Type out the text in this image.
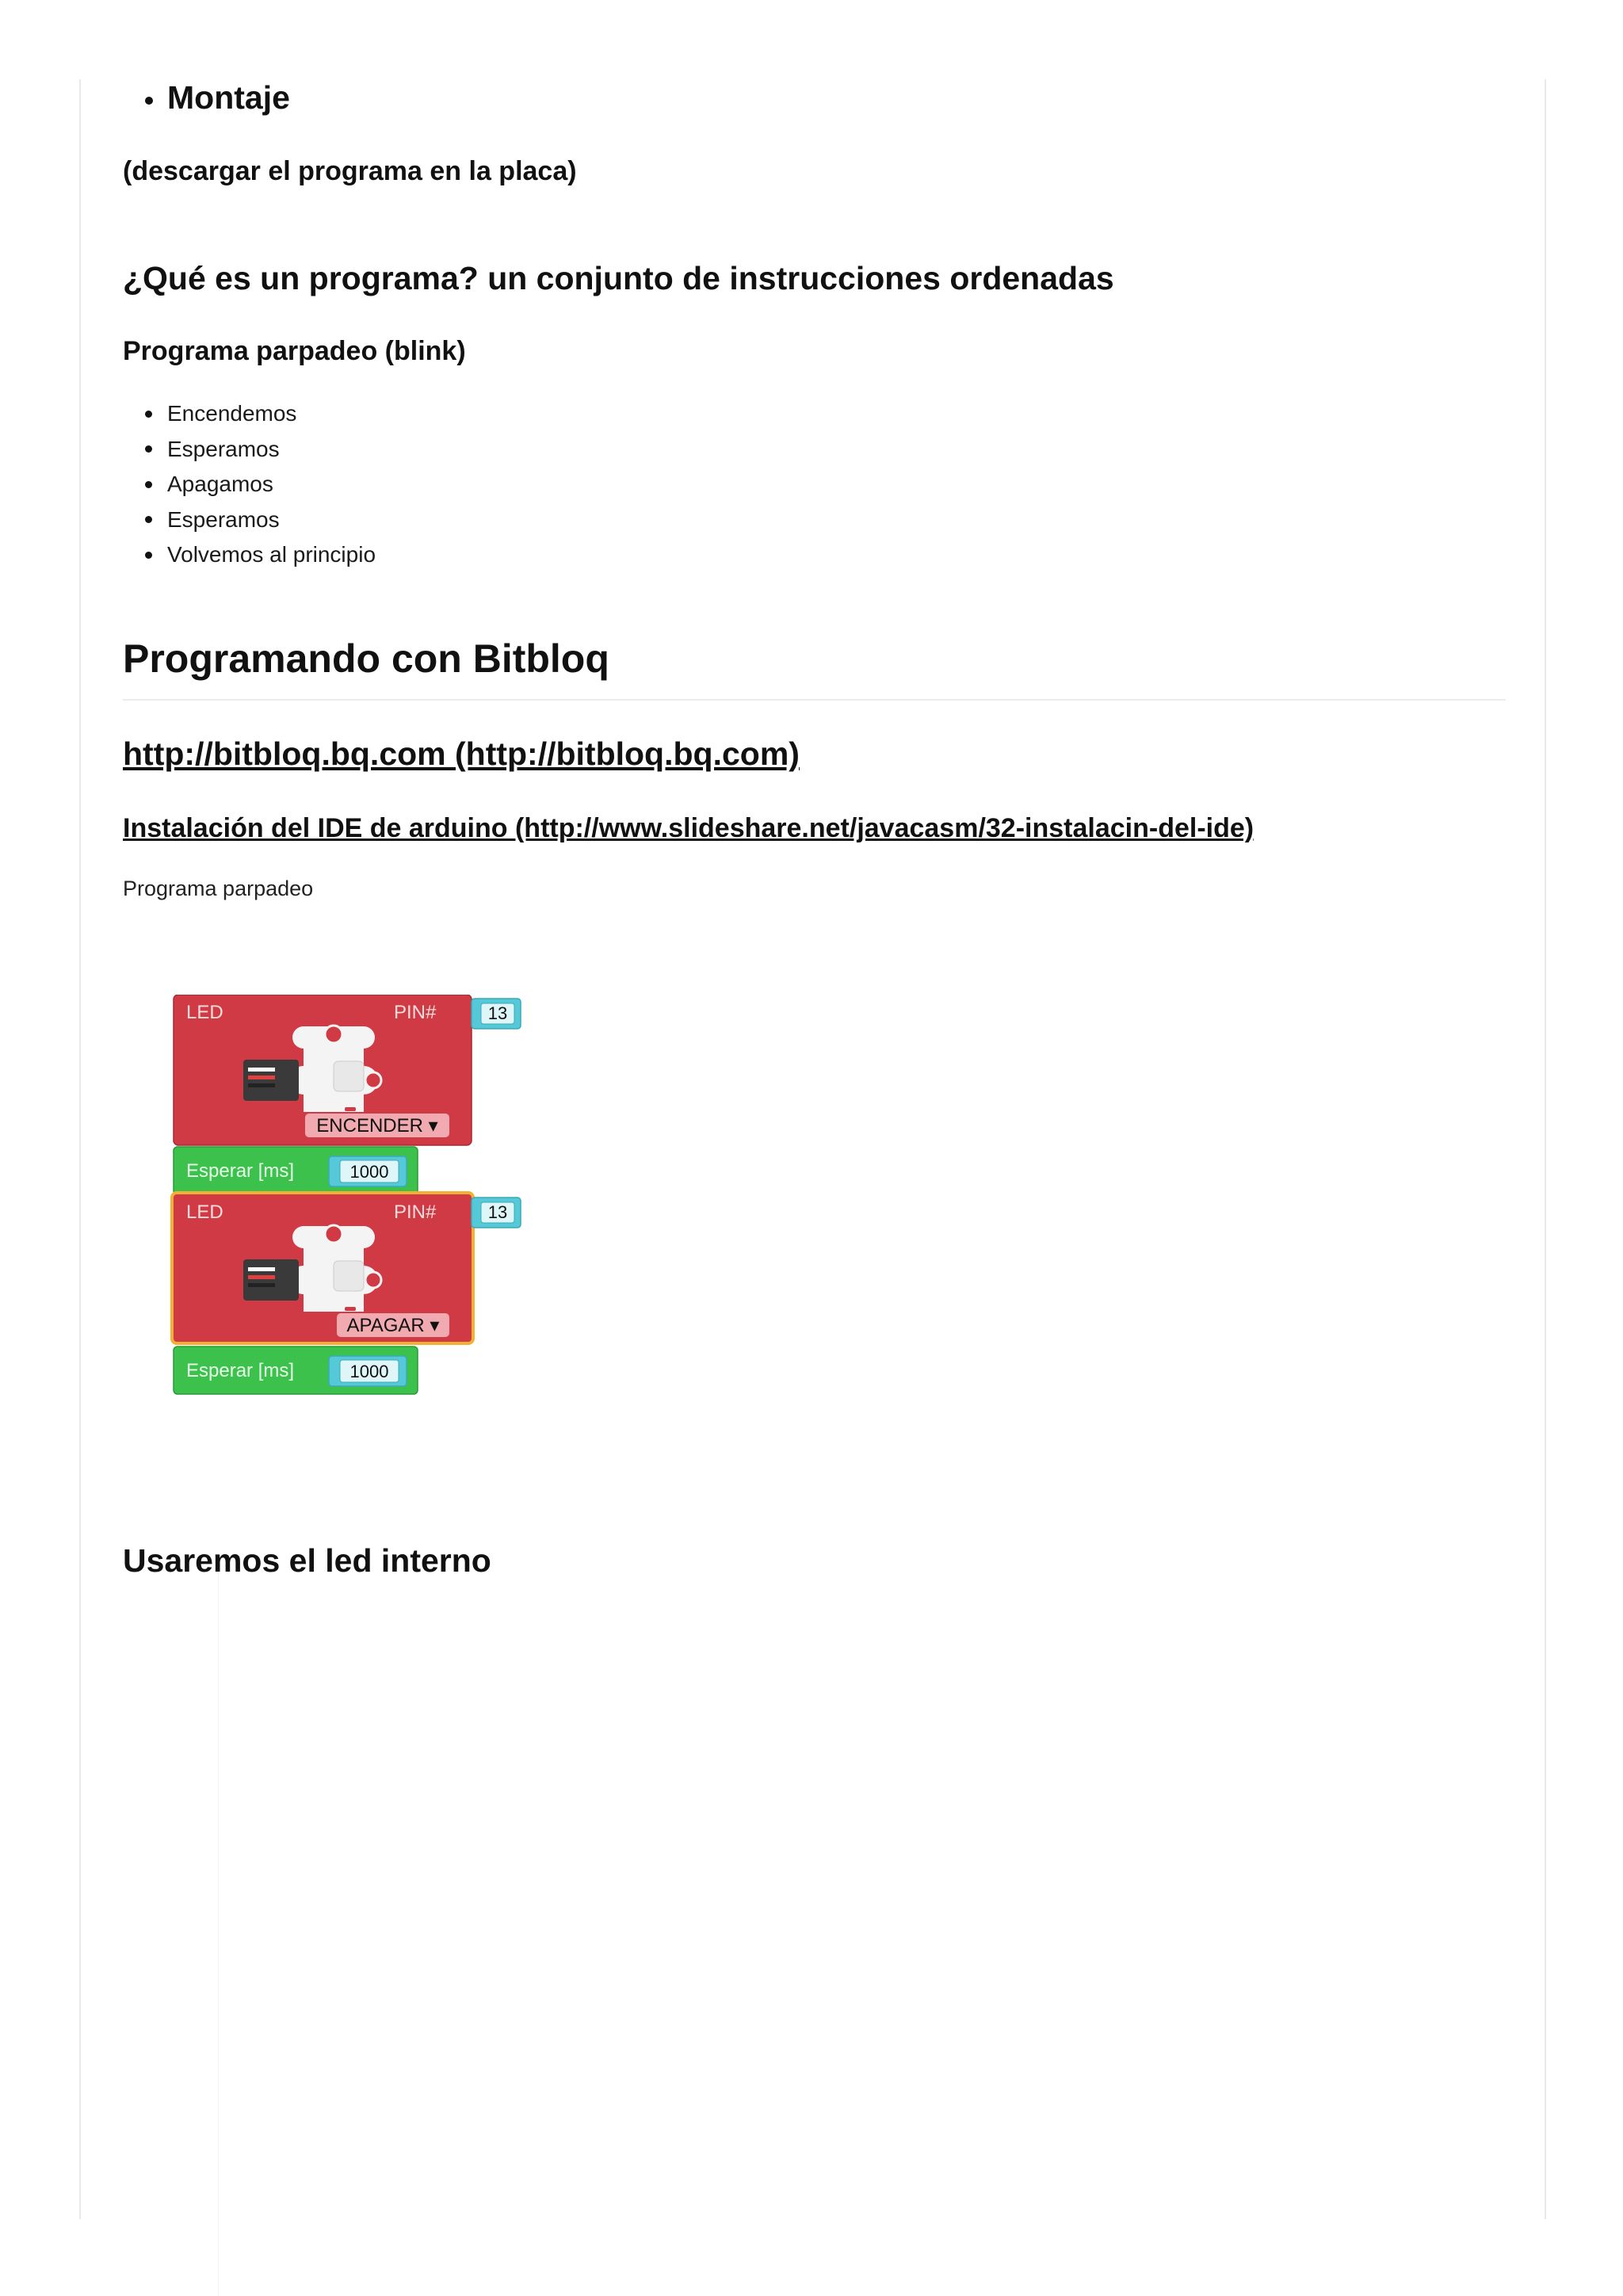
Montaje
(descargar el programa en la placa)
¿Qué es un programa? un conjunto de instrucciones ordenadas
Programa parpadeo (blink)
Encendemos
Esperamos
Apagamos
Esperamos
Volvemos al principio
Programando con Bitbloq
http://bitbloq.bq.com (http://bitbloq.bq.com)
Instalación del IDE de arduino (http://www.slideshare.net/javacasm/32-instalacin-del-ide)
Programa parpadeo
LED	PIN#	13
ENCENDER ▾
Esperar [ms]	1000
LED	PIN#	13
APAGAR ▾
Esperar [ms]	1000
Usaremos el led interno
